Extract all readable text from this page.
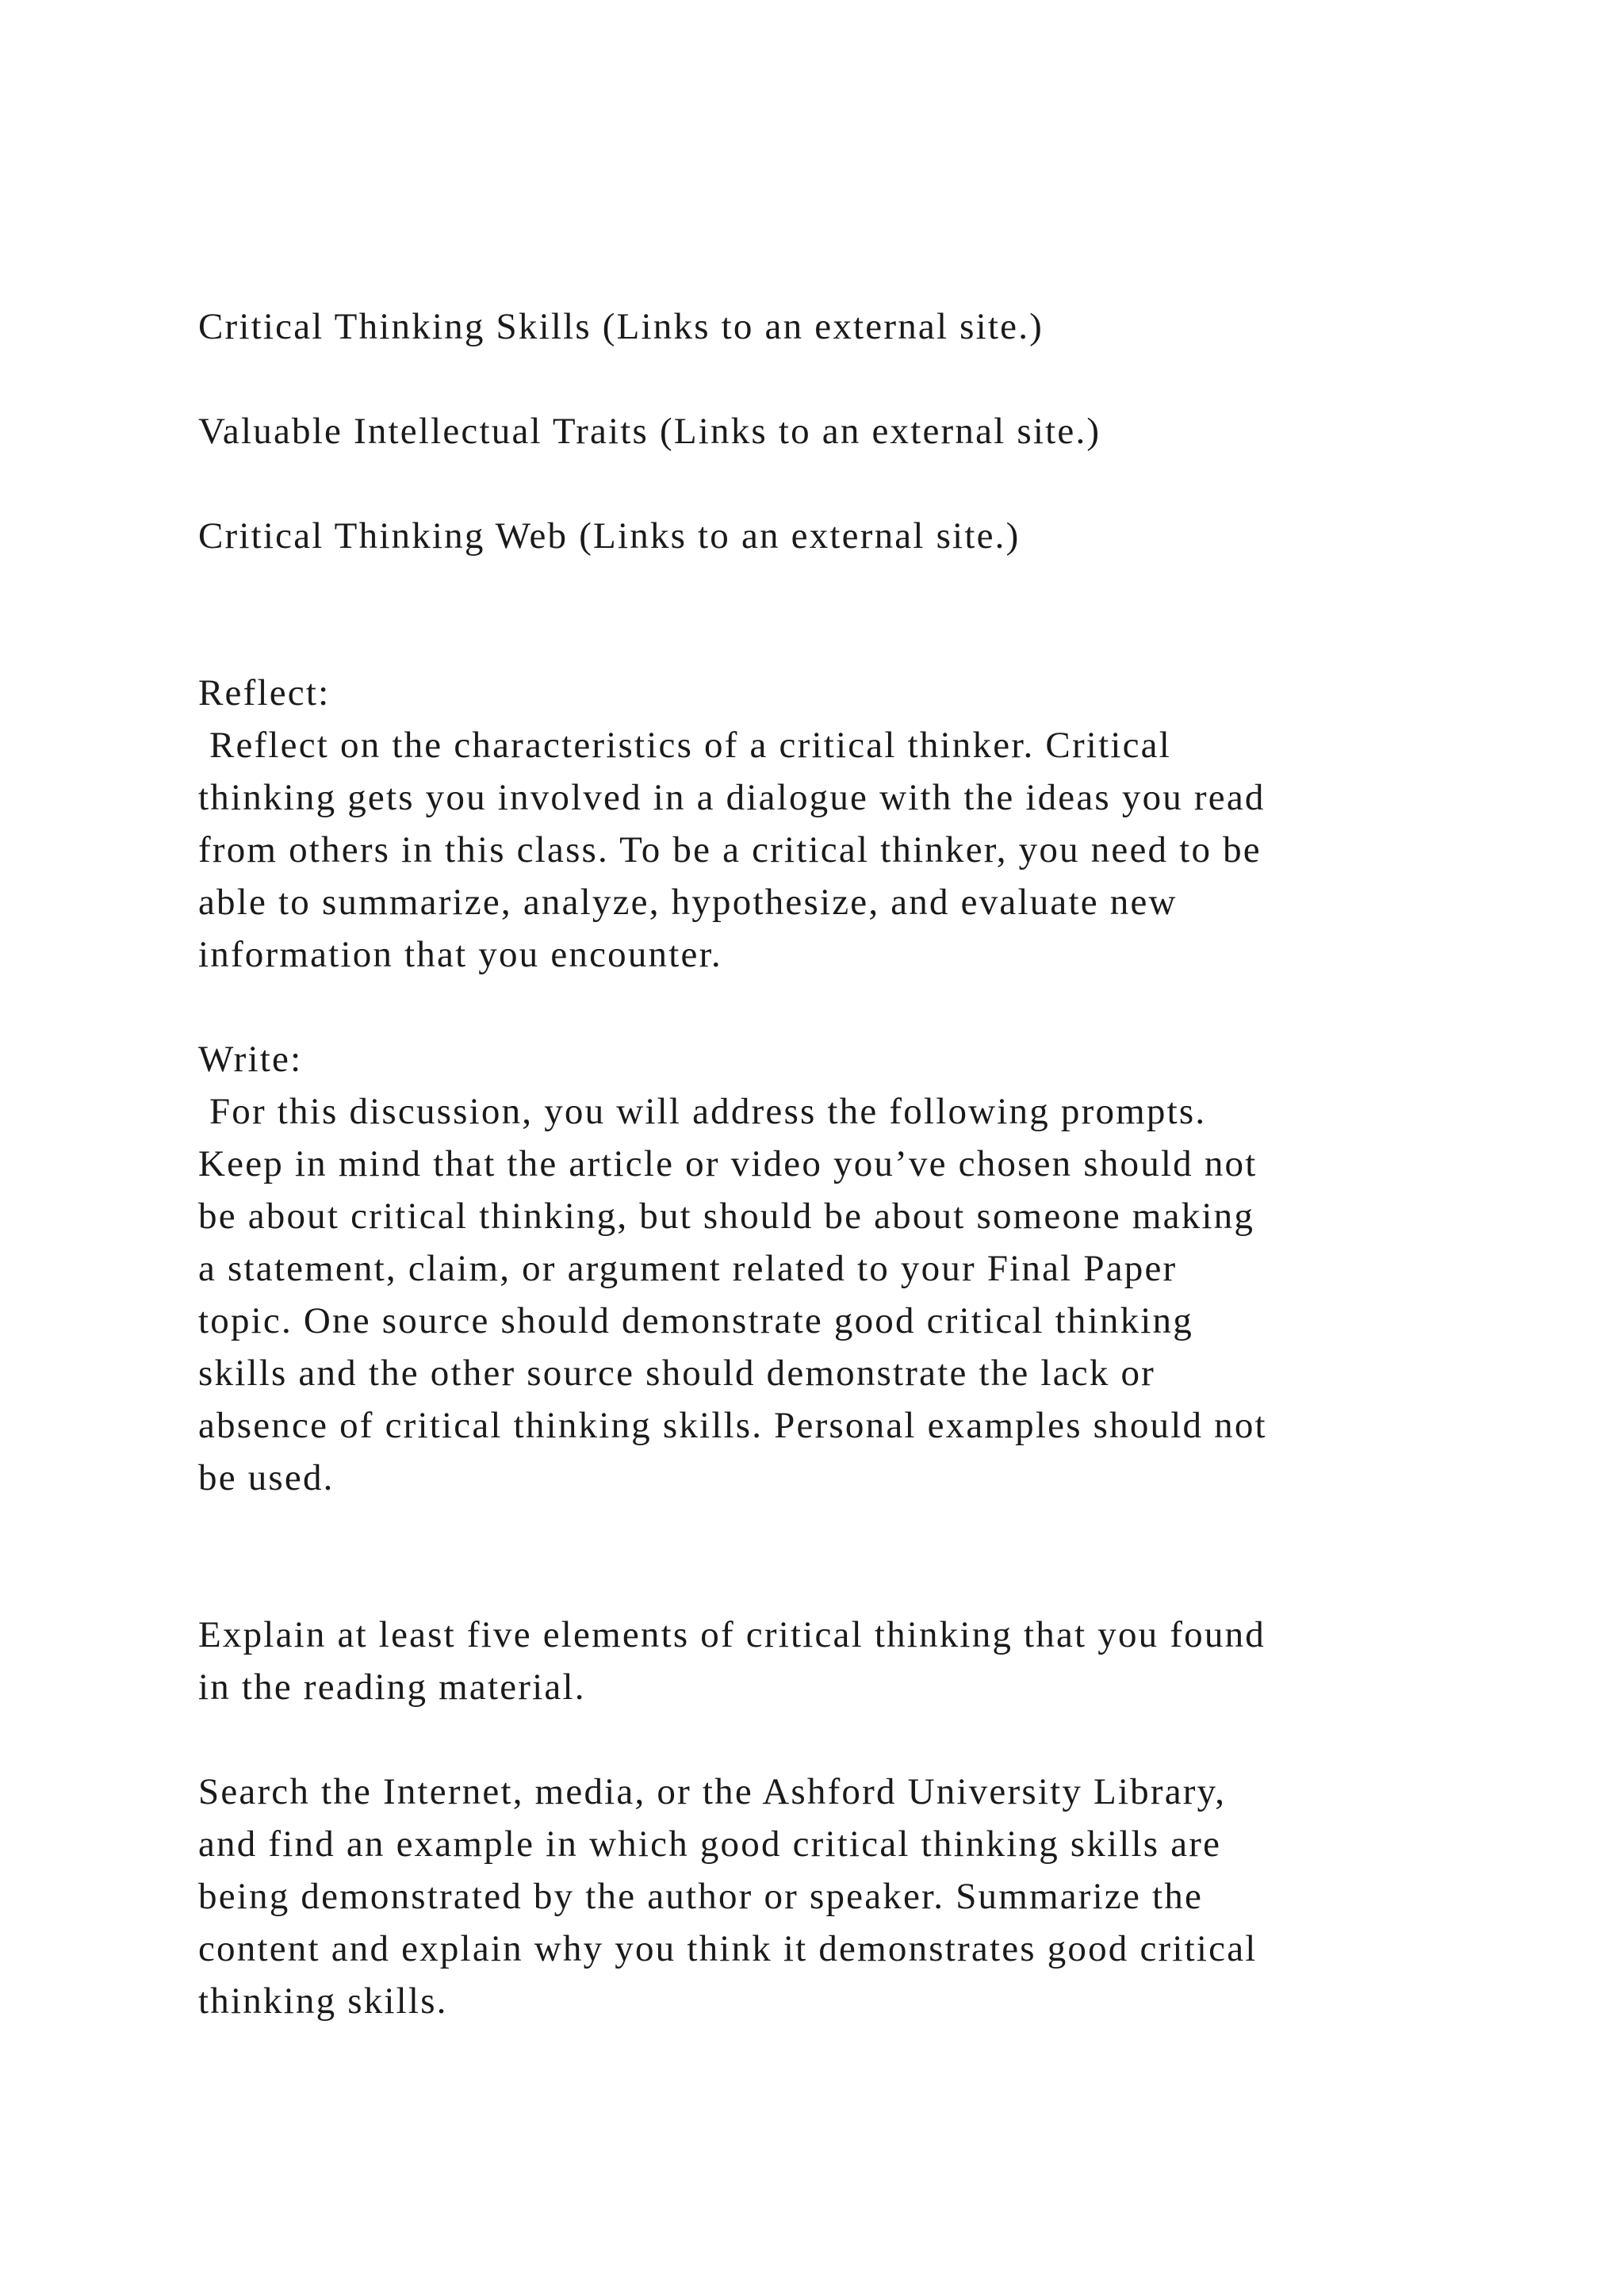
Critical Thinking Skills (Links to an external site.)
Valuable Intellectual Traits (Links to an external site.)
Critical Thinking Web (Links to an external site.)
Reflect:
Reflect on the characteristics of a critical thinker. Critical
thinking gets you involved in a dialogue with the ideas you read
from others in this class. To be a critical thinker, you need to be
able to summarize, analyze, hypothesize, and evaluate new
information that you encounter.
Write:
For this discussion, you will address the following prompts.
Keep in mind that the article or video you’ve chosen should not
be about critical thinking, but should be about someone making
a statement, claim, or argument related to your Final Paper
topic. One source should demonstrate good critical thinking
skills and the other source should demonstrate the lack or
absence of critical thinking skills. Personal examples should not
be used.
Explain at least five elements of critical thinking that you found
in the reading material.
Search the Internet, media, or the Ashford University Library,
and find an example in which good critical thinking skills are
being demonstrated by the author or speaker. Summarize the
content and explain why you think it demonstrates good critical
thinking skills.
